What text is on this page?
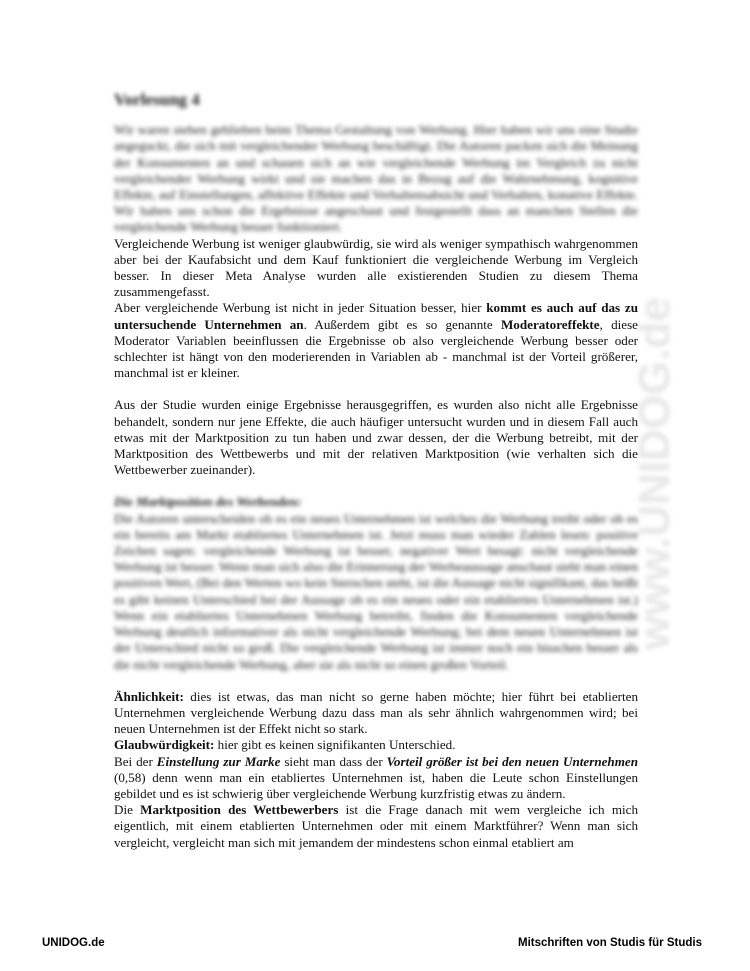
www.UNIDOG.de
Vorlesung 4

Wir waren stehen geblieben beim Thema Gestaltung von Werbung. Hier haben wir uns eine Studie angeguckt, die sich mit vergleichender Werbung beschäftigt. Die Autoren packen sich die Meinung der Konsumenten an und schauen sich an wie vergleichende Werbung im Vergleich zu nicht vergleichender Werbung wirkt und sie machen das in Bezug auf die Wahrnehmung, kognitive Effekte, auf Einstellungen, affektive Effekte und Verhaltensabsicht und Verhalten, konative Effekte. Wir haben uns schon die Ergebnisse angeschaut und festgestellt dass an manchen Stellen die vergleichende Werbung besser funktioniert.

Vergleichende Werbung ist weniger glaubwürdig, sie wird als weniger sympathisch wahrgenommen aber bei der Kaufabsicht und dem Kauf funktioniert die vergleichende Werbung im Vergleich besser. In dieser Meta Analyse wurden alle existierenden Studien zu diesem Thema zusammengefasst.

Aber vergleichende Werbung ist nicht in jeder Situation besser, hier kommt es auch auf das zu untersuchende Unternehmen an. Außerdem gibt es so genannte Moderatoreffekte, diese Moderator Variablen beeinflussen die Ergebnisse ob also vergleichende Werbung besser oder schlechter ist hängt von den moderierenden in Variablen ab - manchmal ist der Vorteil größerer, manchmal ist er kleiner.

Aus der Studie wurden einige Ergebnisse herausgegriffen, es wurden also nicht alle Ergebnisse behandelt, sondern nur jene Effekte, die auch häufiger untersucht wurden und in diesem Fall auch etwas mit der Marktposition zu tun haben und zwar dessen, der die Werbung betreibt, mit der Marktposition des Wettbewerbs und mit der relativen Marktposition (wie verhalten sich die Wettbewerber zueinander).

Die Marktposition des Werbenden:

Die Autoren unterscheiden ob es ein neues Unternehmen ist welches die Werbung treibt oder ob es ein bereits am Markt etabliertes Unternehmen ist. Jetzt muss man wieder Zahlen lesen: positive Zeichen sagen: vergleichende Werbung ist besser, negativer Wert besagt: nicht vergleichende Werbung ist besser. Wenn man sich also die Erinnerung der Werbeaussage anschaut sieht man einen positiven Wert, (Bei den Werten wo kein Sternchen steht, ist die Aussage nicht signifikant, das heißt es gibt keinen Unterschied bei der Aussage ob es ein neues oder ein etabliertes Unternehmen ist.) Wenn ein etabliertes Unternehmen Werbung betreibt, finden die Konsumenten vergleichende Werbung deutlich informativer als nicht vergleichende Werbung; bei dem neuen Unternehmen ist der Unterschied nicht so groß. Die vergleichende Werbung ist immer noch ein bisschen besser als die nicht vergleichende Werbung, aber sie als nicht so einen großen Vorteil.

Ähnlichkeit: dies ist etwas, das man nicht so gerne haben möchte; hier führt bei etablierten Unternehmen vergleichende Werbung dazu dass man als sehr ähnlich wahrgenommen wird; bei neuen Unternehmen ist der Effekt nicht so stark.

Glaubwürdigkeit: hier gibt es keinen signifikanten Unterschied.

Bei der Einstellung zur Marke sieht man dass der Vorteil größer ist bei den neuen Unternehmen (0,58) denn wenn man ein etabliertes Unternehmen ist, haben die Leute schon Einstellungen gebildet und es ist schwierig über vergleichende Werbung kurzfristig etwas zu ändern.

Die Marktposition des Wettbewerbers ist die Frage danach mit wem vergleiche ich mich eigentlich, mit einem etablierten Unternehmen oder mit einem Marktführer? Wenn man sich vergleicht, vergleicht man sich mit jemandem der mindestens schon einmal etabliert am

UNIDOG.de	Mitschriften von Studis für Studis
